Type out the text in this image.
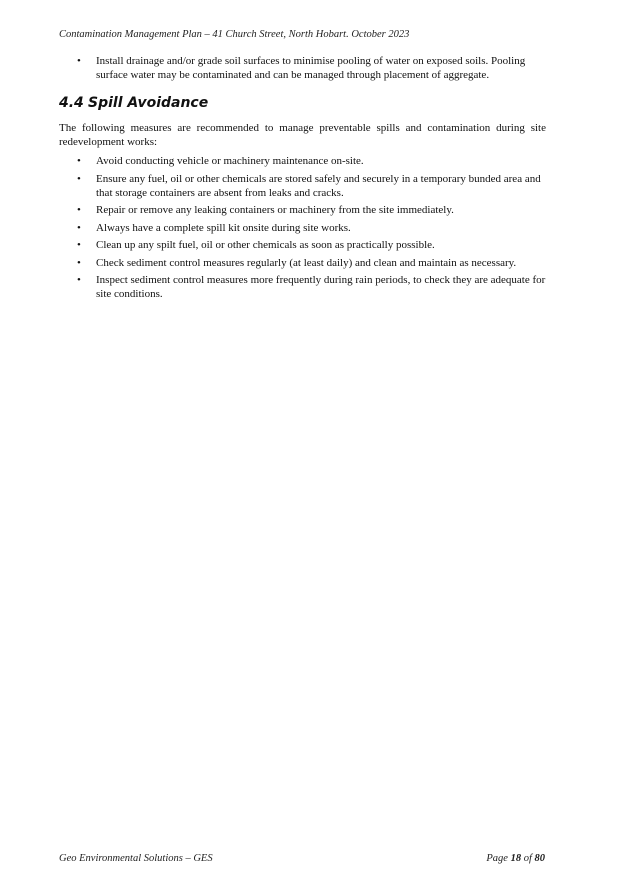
Contamination Management Plan – 41 Church Street, North Hobart. October 2023
• Install drainage and/or grade soil surfaces to minimise pooling of water on exposed soils. Pooling surface water may be contaminated and can be managed through placement of aggregate.
4.4 Spill Avoidance

The following measures are recommended to manage preventable spills and contamination during site redevelopment works:

• Avoid conducting vehicle or machinery maintenance on-site.
• Ensure any fuel, oil or other chemicals are stored safely and securely in a temporary bunded area and that storage containers are absent from leaks and cracks.
• Repair or remove any leaking containers or machinery from the site immediately.
• Always have a complete spill kit onsite during site works.
• Clean up any spilt fuel, oil or other chemicals as soon as practically possible.
• Check sediment control measures regularly (at least daily) and clean and maintain as necessary.
• Inspect sediment control measures more frequently during rain periods, to check they are adequate for site conditions.
Geo Environmental Solutions – GES	Page 18 of 80
